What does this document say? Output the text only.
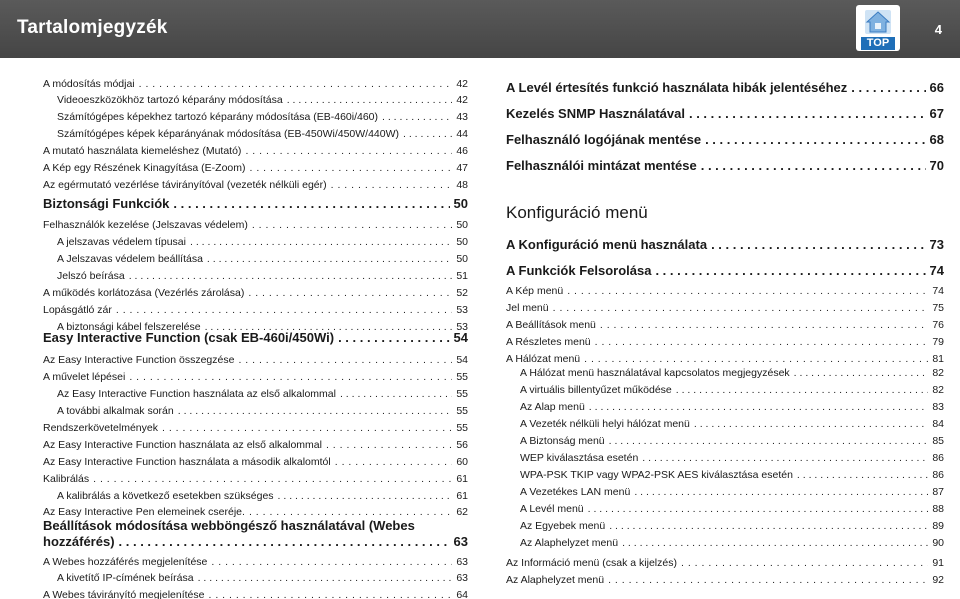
Tartalomjegyzék
TOP
4
A módosítás módjai . . .	42
Videoeszközökhöz tartozó képarány módosítása . . .	42
Számítógépes képekhez tartozó képarány módosítása (EB-460i/460) . . .	43
Számítógépes képek képarányának módosítása (EB-450Wi/450W/440W) . . .	44
A mutató használata kiemeléshez (Mutató) . . .	46
A Kép egy Részének Kinagyítása (E-Zoom) . . .	47
Az egérmutató vezérlése távirányítóval (vezeték nélküli egér) . . .	48
Biztonsági Funkciók . . .	50
Felhasználók kezelése (Jelszavas védelem) . . .	50
A jelszavas védelem típusai . . .	50
A Jelszavas védelem beállítása . . .	50
Jelszó beírása . . .	51
A működés korlátozása (Vezérlés zárolása) . . .	52
Lopásgátló zár . . .	53
A biztonsági kábel felszerelése . . .	53
Easy Interactive Function (csak EB-460i/450Wi) . . .	54
Az Easy Interactive Function összegzése . . .	54
A művelet lépései . . .	55
Az Easy Interactive Function használata az első alkalommal . . .	55
A további alkalmak során . . .	55
Rendszerkövetelmények . . .	55
Az Easy Interactive Function használata az első alkalommal . . .	56
Az Easy Interactive Function használata a második alkalomtól . . .	60
Kalibrálás . . .	61
A kalibrálás a következő esetekben szükséges . . .	61
Az Easy Interactive Pen elemeinek cseréje. . . .	62
Beállítások módosítása webböngésző használatával (Webes
hozzáférés) . . .	63
A Webes hozzáférés megjelenítése . . .	63
A kivetítő IP-címének beírása . . .	63
A Webes távirányító megjelenítése . . .	64
A Levél értesítés funkció használata hibák jelentéséhez . . .	66
Kezelés SNMP Használatával . . .	67
Felhasználó logójának mentése . . .	68
Felhasználói mintázat mentése . . .	70
Konfiguráció menü
A Konfiguráció menü használata . . .	73
A Funkciók Felsorolása . . .	74
A Kép menü . . .	74
Jel menü . . .	75
A Beállítások menü . . .	76
A Részletes menü . . .	79
A Hálózat menü . . .	81
A Hálózat menü használatával kapcsolatos megjegyzések . . .	82
A virtuális billentyűzet működése . . .	82
Az Alap menü . . .	83
A Vezeték nélküli helyi hálózat menü . . .	84
A Biztonság menü . . .	85
WEP kiválasztása esetén . . .	86
WPA-PSK TKIP vagy WPA2-PSK AES kiválasztása esetén . . .	86
A Vezetékes LAN menü . . .	87
A Levél menü . . .	88
Az Egyebek menü . . .	89
Az Alaphelyzet menü . . .	90
Az Információ menü (csak a kijelzés) . . .	91
Az Alaphelyzet menü . . .	92
